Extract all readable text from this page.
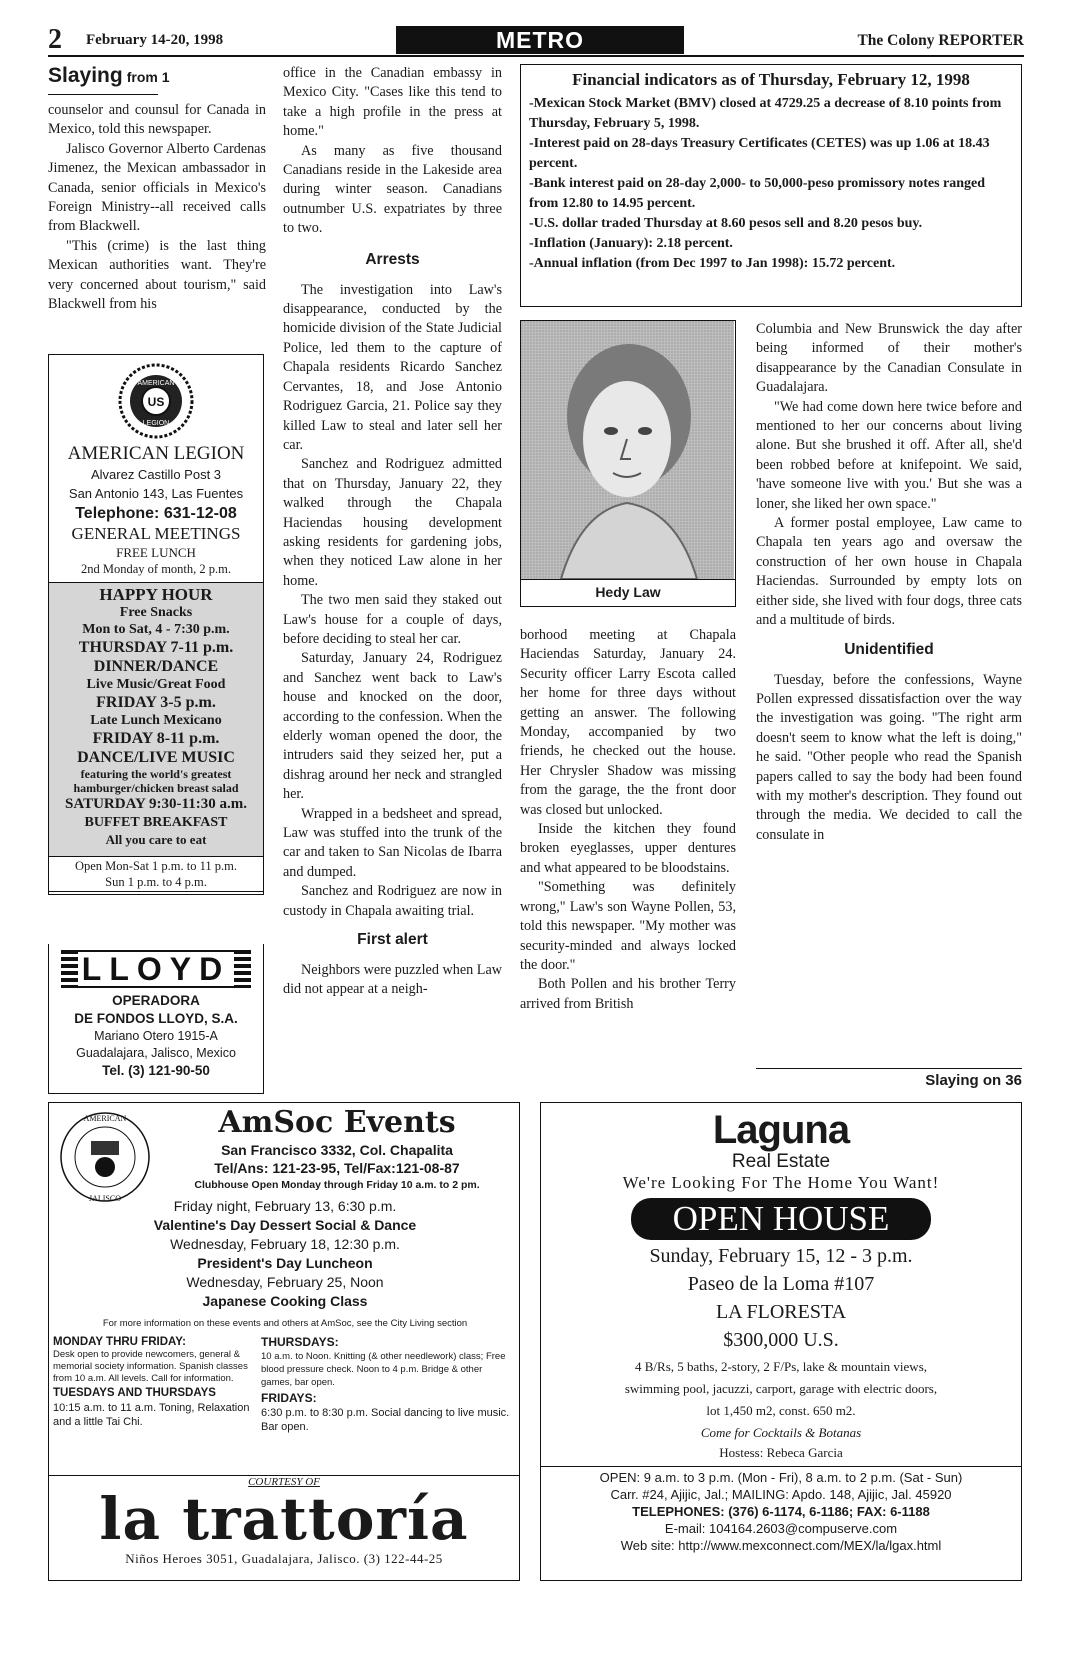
2 February 14-20, 1998	METRO	The Colony REPORTER
Slaying from 1

counselor and counsul for Canada in Mexico, told this newspaper.

Jalisco Governor Alberto Cardenas Jimenez, the Mexican ambassador in Canada, senior officials in Mexico's Foreign Ministry--all received calls from Blackwell.

"This (crime) is the last thing Mexican authorities want. They're very concerned about tourism," said Blackwell from his

US
AMERICAN
LEGION
AMERICAN LEGION
Alvarez Castillo Post 3
San Antonio 143, Las Fuentes
Telephone: 631-12-08
GENERAL MEETINGS
FREE LUNCH
2nd Monday of month, 2 p.m.
HAPPY HOUR
Free Snacks
Mon to Sat, 4 - 7:30 p.m.
THURSDAY 7-11 p.m.
DINNER/DANCE
Live Music/Great Food
FRIDAY 3-5 p.m.
Late Lunch Mexicano
FRIDAY 8-11 p.m.
DANCE/LIVE MUSIC
featuring the world's greatest
hamburger/chicken breast salad
SATURDAY 9:30-11:30 a.m.
BUFFET BREAKFAST
All you care to eat
Open Mon-Sat 1 p.m. to 11 p.m.
Sun 1 p.m. to 4 p.m.
LLOYD
OPERADORA
DE FONDOS LLOYD, S.A.
Mariano Otero 1915-A
Guadalajara, Jalisco, Mexico
Tel. (3) 121-90-50

office in the Canadian embassy in Mexico City. "Cases like this tend to take a high profile in the press at home."

As many as five thousand Canadians reside in the Lakeside area during winter season. Canadians outnumber U.S. expatriates by three to two.

Arrests

The investigation into Law's disappearance, conducted by the homicide division of the State Judicial Police, led them to the capture of Chapala residents Ricardo Sanchez Cervantes, 18, and Jose Antonio Rodriguez Garcia, 21. Police say they killed Law to steal and later sell her car.

Sanchez and Rodriguez admitted that on Thursday, January 22, they walked through the Chapala Haciendas housing development asking residents for gardening jobs, when they noticed Law alone in her home.

The two men said they staked out Law's house for a couple of days, before deciding to steal her car.

Saturday, January 24, Rodriguez and Sanchez went back to Law's house and knocked on the door, according to the confession. When the elderly woman opened the door, the intruders said they seized her, put a dishrag around her neck and strangled her.

Wrapped in a bedsheet and spread, Law was stuffed into the trunk of the car and taken to San Nicolas de Ibarra and dumped.

Sanchez and Rodriguez are now in custody in Chapala awaiting trial.

First alert

Neighbors were puzzled when Law did not appear at a neigh-

Financial indicators as of Thursday, February 12, 1998
-Mexican Stock Market (BMV) closed at 4729.25 a decrease of 8.10 points from Thursday, February 5, 1998.
-Interest paid on 28-days Treasury Certificates (CETES) was up 1.06 at 18.43 percent.
-Bank interest paid on 28-day 2,000- to 50,000-peso promissory notes ranged from 12.80 to 14.95 percent.
-U.S. dollar traded Thursday at 8.60 pesos sell and 8.20 pesos buy.
-Inflation (January): 2.18 percent.
-Annual inflation (from Dec 1997 to Jan 1998): 15.72 percent.
Hedy Law

borhood meeting at Chapala Haciendas Saturday, January 24. Security officer Larry Escota called her home for three days without getting an answer. The following Monday, accompanied by two friends, he checked out the house. Her Chrysler Shadow was missing from the garage, the the front door was closed but unlocked.

Inside the kitchen they found broken eyeglasses, upper dentures and what appeared to be bloodstains.

"Something was definitely wrong," Law's son Wayne Pollen, 53, told this newspaper. "My mother was security-minded and always locked the door."

Both Pollen and his brother Terry arrived from British

Columbia and New Brunswick the day after being informed of their mother's disappearance by the Canadian Consulate in Guadalajara.

"We had come down here twice before and mentioned to her our concerns about living alone. But she brushed it off. After all, she'd been robbed before at knifepoint. We said, 'have someone live with you.' But she was a loner, she liked her own space."

A former postal employee, Law came to Chapala ten years ago and oversaw the construction of her own house in Chapala Haciendas. Surrounded by empty lots on either side, she lived with four dogs, three cats and a multitude of birds.

Unidentified

Tuesday, before the confessions, Wayne Pollen expressed dissatisfaction over the way the investigation was going. "The right arm doesn't seem to know what the left is doing," he said. "Other people who read the Spanish papers called to say the body had been found with my mother's description. They found out through the media. We decided to call the consulate in

Slaying on 36
AMERICAN
JALISCO
AmSoc Events
San Francisco 3332, Col. Chapalita
Tel/Ans: 121-23-95, Tel/Fax:121-08-87
Clubhouse Open Monday through Friday 10 a.m. to 2 pm.
Friday night, February 13, 6:30 p.m.
Valentine's Day Dessert Social & Dance
Wednesday, February 18, 12:30 p.m.
President's Day Luncheon
Wednesday, February 25, Noon
Japanese Cooking Class
For more information on these events and others at AmSoc, see the City Living section
MONDAY THRU FRIDAY:
Desk open to provide newcomers, general & memorial society information. Spanish classes from 10 a.m. All levels. Call for information.
TUESDAYS AND THURSDAYS
10:15 a.m. to 11 a.m. Toning, Relaxation and a little Tai Chi.
THURSDAYS:
10 a.m. to Noon. Knitting (& other needlework) class; Free blood pressure check. Noon to 4 p.m. Bridge & other games, bar open.
FRIDAYS:
6:30 p.m. to 8:30 p.m. Social dancing to live music. Bar open.
COURTESY OF
la trattoría
Niños Heroes 3051, Guadalajara, Jalisco. (3) 122-44-25
Laguna
Real Estate
We're Looking For The Home You Want!
OPEN HOUSE
Sunday, February 15, 12 - 3 p.m.
Paseo de la Loma #107
LA FLORESTA
$300,000 U.S.
4 B/Rs, 5 baths, 2-story, 2 F/Ps, lake & mountain views,
swimming pool, jacuzzi, carport, garage with electric doors,
lot 1,450 m2, const. 650 m2.
Come for Cocktails & Botanas
Hostess: Rebeca Garcia
OPEN: 9 a.m. to 3 p.m. (Mon - Fri), 8 a.m. to 2 p.m. (Sat - Sun)
Carr. #24, Ajijic, Jal.; MAILING: Apdo. 148, Ajijic, Jal. 45920
TELEPHONES: (376) 6-1174, 6-1186; FAX: 6-1188
E-mail: 104164.2603@compuserve.com
Web site: http://www.mexconnect.com/MEX/la/lgax.html
